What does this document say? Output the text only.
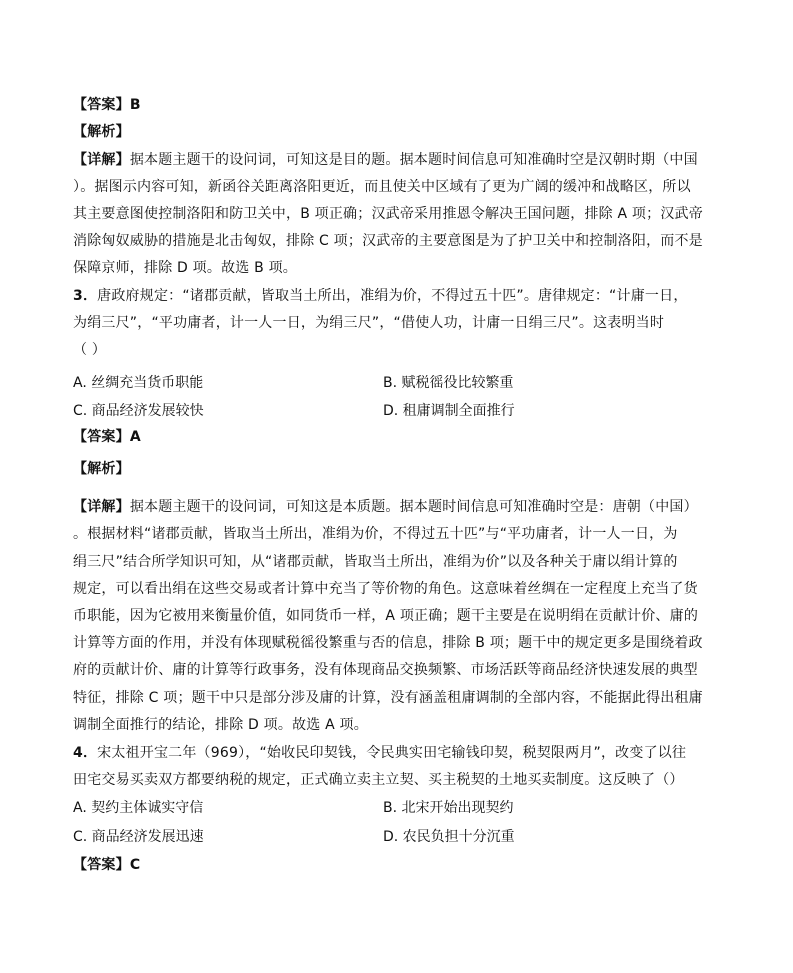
【答案】B
【解析】
【详解】据本题主题干的设问词，可知这是目的题。据本题时间信息可知准确时空是汉朝时期（中国
）。据图示内容可知，新函谷关距离洛阳更近，而且使关中区域有了更为广阔的缓冲和战略区，所以
其主要意图使控制洛阳和防卫关中，B 项正确；汉武帝采用推恩令解决王国问题，排除 A 项；汉武帝
消除匈奴威胁的措施是北击匈奴，排除 C 项；汉武帝的主要意图是为了护卫关中和控制洛阳，而不是
保障京师，排除 D 项。故选 B 项。
3．唐政府规定：“诸郡贡献，皆取当土所出，准绢为价，不得过五十匹”。唐律规定：“计庸一日，
为绢三尺”，“平功庸者，计一人一日，为绢三尺”，“借使人功，计庸一日绢三尺”。这表明当时
（ ）
A. 丝绸充当货币职能	B. 赋税徭役比较繁重
C. 商品经济发展较快	D. 租庸调制全面推行
【答案】A
【解析】
【详解】据本题主题干的设问词，可知这是本质题。据本题时间信息可知准确时空是：唐朝（中国）
。根据材料“诸郡贡献，皆取当土所出，准绢为价，不得过五十匹”与“平功庸者，计一人一日，为
绢三尺”结合所学知识可知，从“诸郡贡献，皆取当土所出，准绢为价”以及各种关于庸以绢计算的
规定，可以看出绢在这些交易或者计算中充当了等价物的角色。这意味着丝绸在一定程度上充当了货
币职能，因为它被用来衡量价值，如同货币一样，A 项正确；题干主要是在说明绢在贡献计价、庸的
计算等方面的作用，并没有体现赋税徭役繁重与否的信息，排除 B 项；题干中的规定更多是围绕着政
府的贡献计价、庸的计算等行政事务，没有体现商品交换频繁、市场活跃等商品经济快速发展的典型
特征，排除 C 项；题干中只是部分涉及庸的计算，没有涵盖租庸调制的全部内容，不能据此得出租庸
调制全面推行的结论，排除 D 项。故选 A 项。
4．宋太祖开宝二年（969），“始收民印契钱，令民典实田宅输钱印契，税契限两月”，改变了以往
田宅交易买卖双方都要纳税的规定，正式确立卖主立契、买主税契的土地买卖制度。这反映了（）
A. 契约主体诚实守信	B. 北宋开始出现契约
C. 商品经济发展迅速	D. 农民负担十分沉重
【答案】C
